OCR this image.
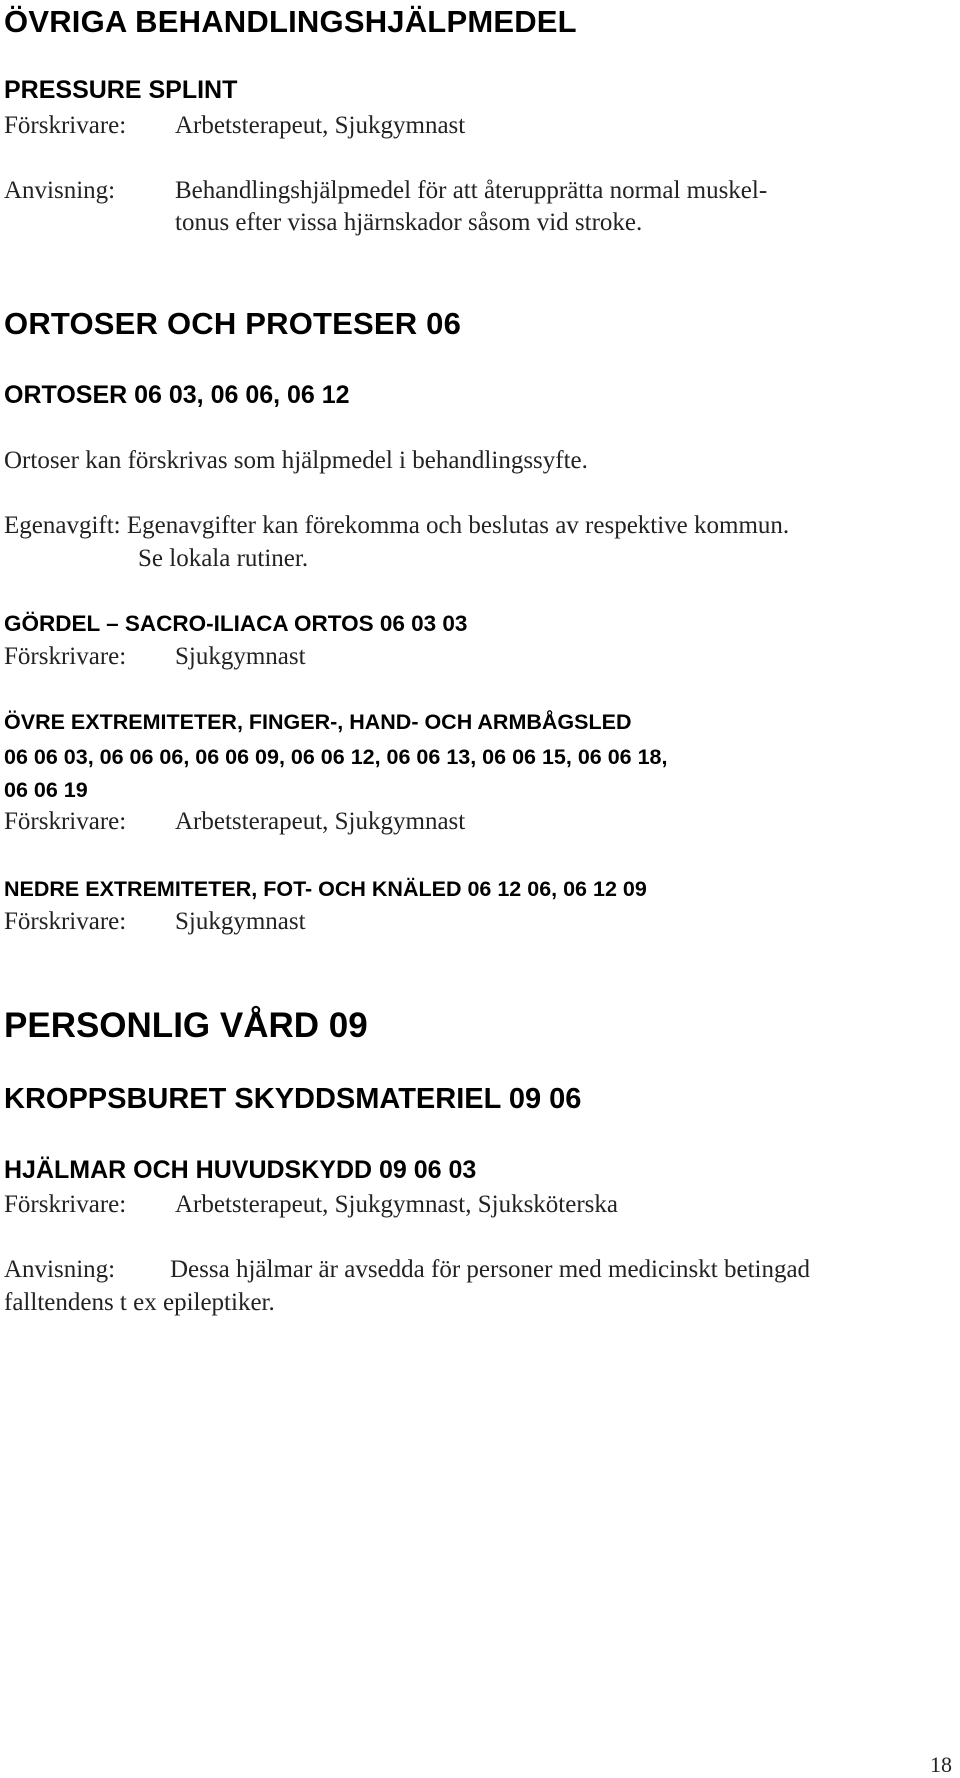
ÖVRIGA BEHANDLINGSHJÄLPMEDEL
PRESSURE SPLINT
Förskrivare: Arbetsterapeut, Sjukgymnast
Anvisning: Behandlingshjälpmedel för att återupprätta normal muskel-
tonus efter vissa hjärnskador såsom vid stroke.
ORTOSER OCH PROTESER 06
ORTOSER 06 03, 06 06, 06 12
Ortoser kan förskrivas som hjälpmedel i behandlingssyfte.
Egenavgift: Egenavgifter kan förekomma och beslutas av respektive kommun.
Se lokala rutiner.
GÖRDEL – SACRO-ILIACA ORTOS 06 03 03
Förskrivare: Sjukgymnast
ÖVRE EXTREMITETER, FINGER-, HAND- OCH ARMBÅGSLED
06 06 03, 06 06 06, 06 06 09, 06 06 12, 06 06 13, 06 06 15, 06 06 18,
06 06 19
Förskrivare: Arbetsterapeut, Sjukgymnast
NEDRE EXTREMITETER, FOT- OCH KNÄLED 06 12 06, 06 12 09
Förskrivare: Sjukgymnast
PERSONLIG VÅRD 09
KROPPSBURET SKYDDSMATERIEL 09 06
HJÄLMAR OCH HUVUDSKYDD 09 06 03
Förskrivare: Arbetsterapeut, Sjukgymnast, Sjuksköterska
Anvisning: Dessa hjälmar är avsedda för personer med medicinskt betingad
falltendens t ex epileptiker.
18
